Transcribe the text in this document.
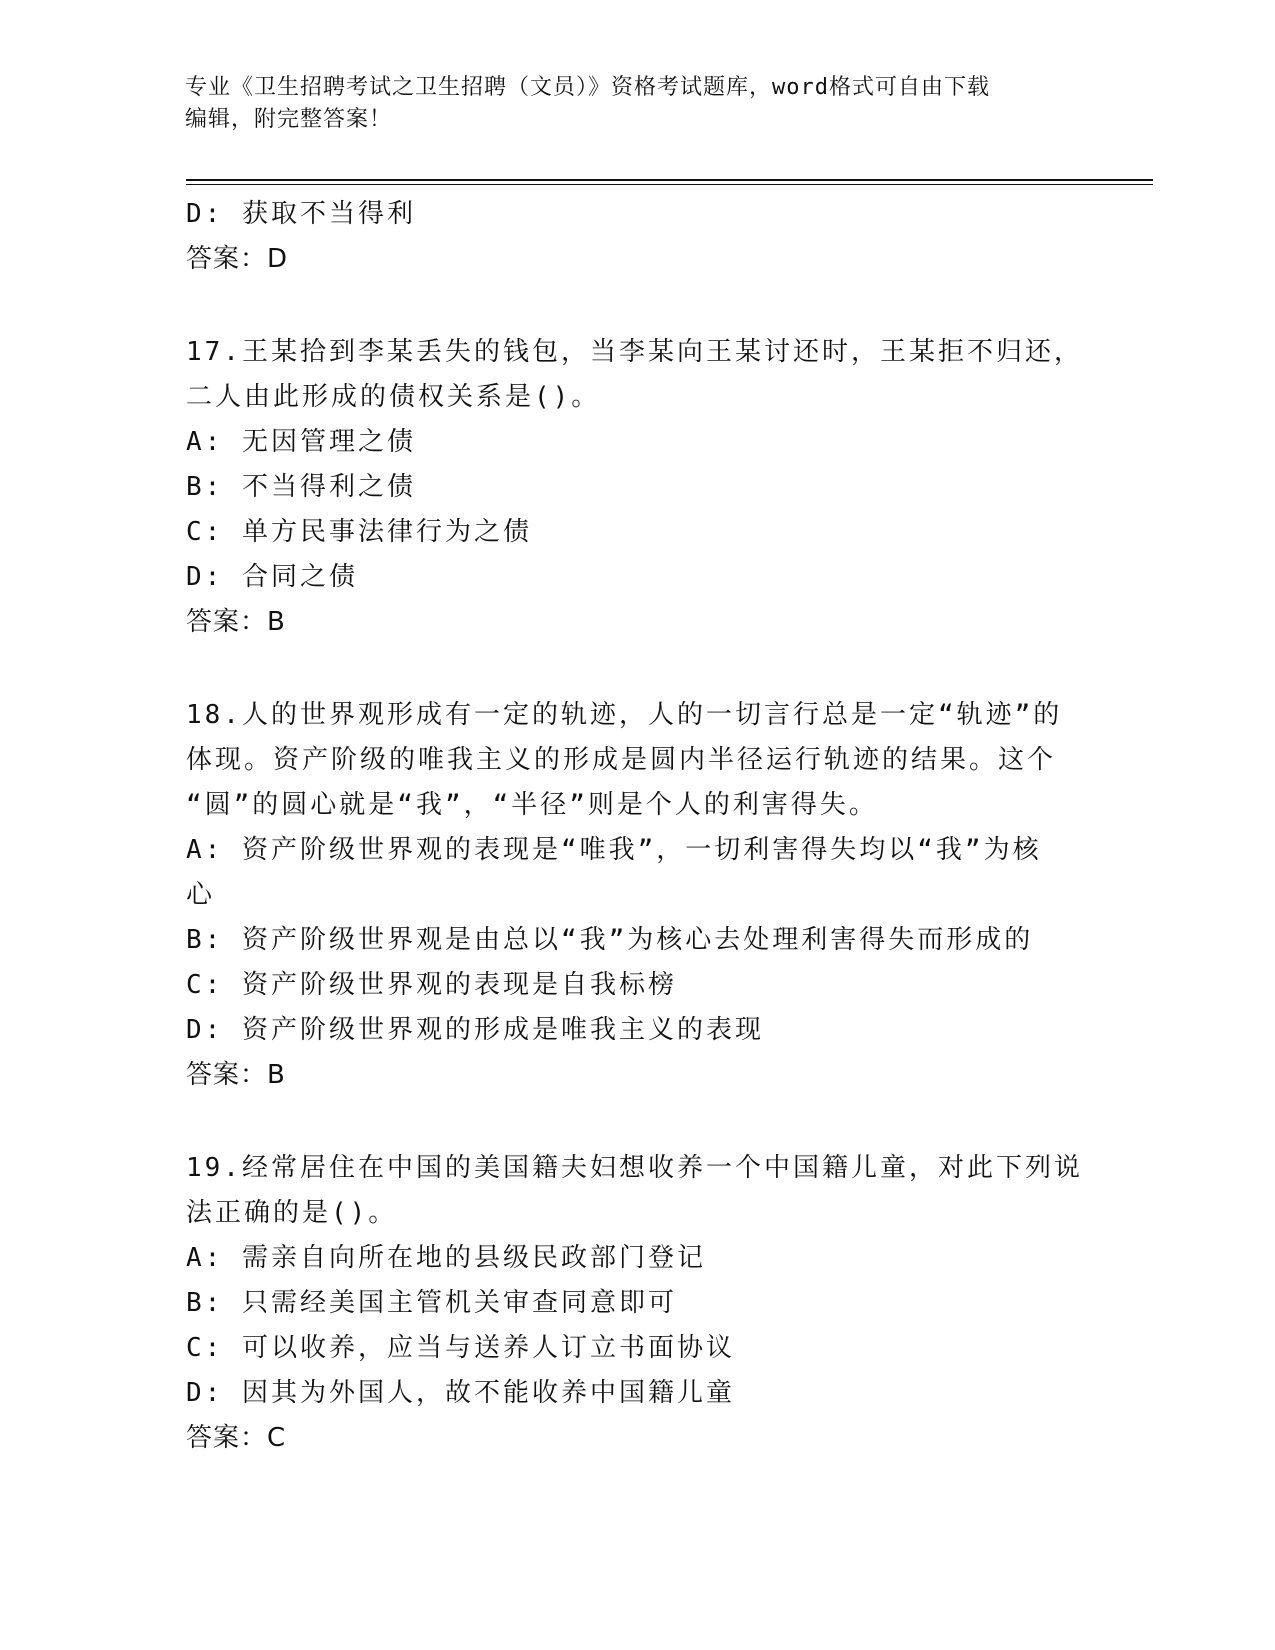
专业《卫生招聘考试之卫生招聘（文员）》资格考试题库，word格式可自由下载
编辑，附完整答案！
D: 获取不当得利
答案：D
17.王某拾到李某丢失的钱包，当李某向王某讨还时，王某拒不归还，
二人由此形成的债权关系是()。
A: 无因管理之债
B: 不当得利之债
C: 单方民事法律行为之债
D: 合同之债
答案：B
18.人的世界观形成有一定的轨迹，人的一切言行总是一定“轨迹”的
体现。资产阶级的唯我主义的形成是圆内半径运行轨迹的结果。这个
“圆”的圆心就是“我”，“半径”则是个人的利害得失。
A: 资产阶级世界观的表现是“唯我”，一切利害得失均以“我”为核
心
B: 资产阶级世界观是由总以“我”为核心去处理利害得失而形成的
C: 资产阶级世界观的表现是自我标榜
D: 资产阶级世界观的形成是唯我主义的表现
答案：B
19.经常居住在中国的美国籍夫妇想收养一个中国籍儿童，对此下列说
法正确的是()。
A: 需亲自向所在地的县级民政部门登记
B: 只需经美国主管机关审查同意即可
C: 可以收养，应当与送养人订立书面协议
D: 因其为外国人，故不能收养中国籍儿童
答案：C
